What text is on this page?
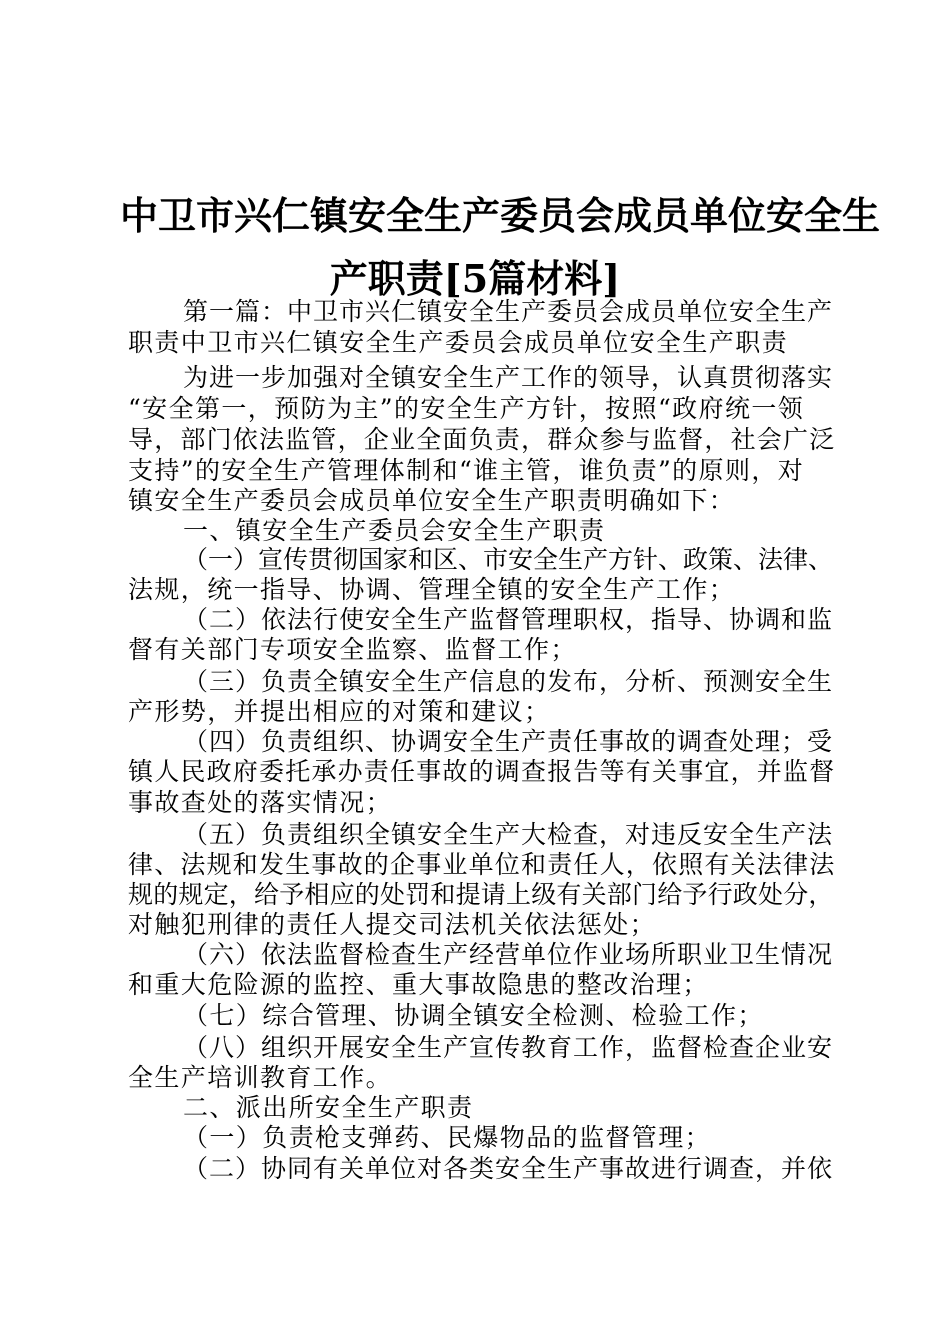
中卫市兴仁镇安全生产委员会成员单位安全生
产职责[5篇材料]

第一篇：中卫市兴仁镇安全生产委员会成员单位安全生产

职责中卫市兴仁镇安全生产委员会成员单位安全生产职责

为进一步加强对全镇安全生产工作的领导，认真贯彻落实

“安全第一，预防为主”的安全生产方针，按照“政府统一领

导，部门依法监管，企业全面负责，群众参与监督，社会广泛

支持”的安全生产管理体制和“谁主管，谁负责”的原则，对

镇安全生产委员会成员单位安全生产职责明确如下：

一、镇安全生产委员会安全生产职责

（一）宣传贯彻国家和区、市安全生产方针、政策、法律、

法规，统一指导、协调、管理全镇的安全生产工作；

（二）依法行使安全生产监督管理职权，指导、协调和监

督有关部门专项安全监察、监督工作；

（三）负责全镇安全生产信息的发布，分析、预测安全生

产形势，并提出相应的对策和建议；

（四）负责组织、协调安全生产责任事故的调查处理；受

镇人民政府委托承办责任事故的调查报告等有关事宜，并监督

事故查处的落实情况；

（五）负责组织全镇安全生产大检查，对违反安全生产法

律、法规和发生事故的企事业单位和责任人，依照有关法律法

规的规定，给予相应的处罚和提请上级有关部门给予行政处分，

对触犯刑律的责任人提交司法机关依法惩处；

（六）依法监督检查生产经营单位作业场所职业卫生情况

和重大危险源的监控、重大事故隐患的整改治理；

（七）综合管理、协调全镇安全检测、检验工作；

（八）组织开展安全生产宣传教育工作，监督检查企业安

全生产培训教育工作。

二、派出所安全生产职责

（一）负责枪支弹药、民爆物品的监督管理；

（二）协同有关单位对各类安全生产事故进行调查，并依
